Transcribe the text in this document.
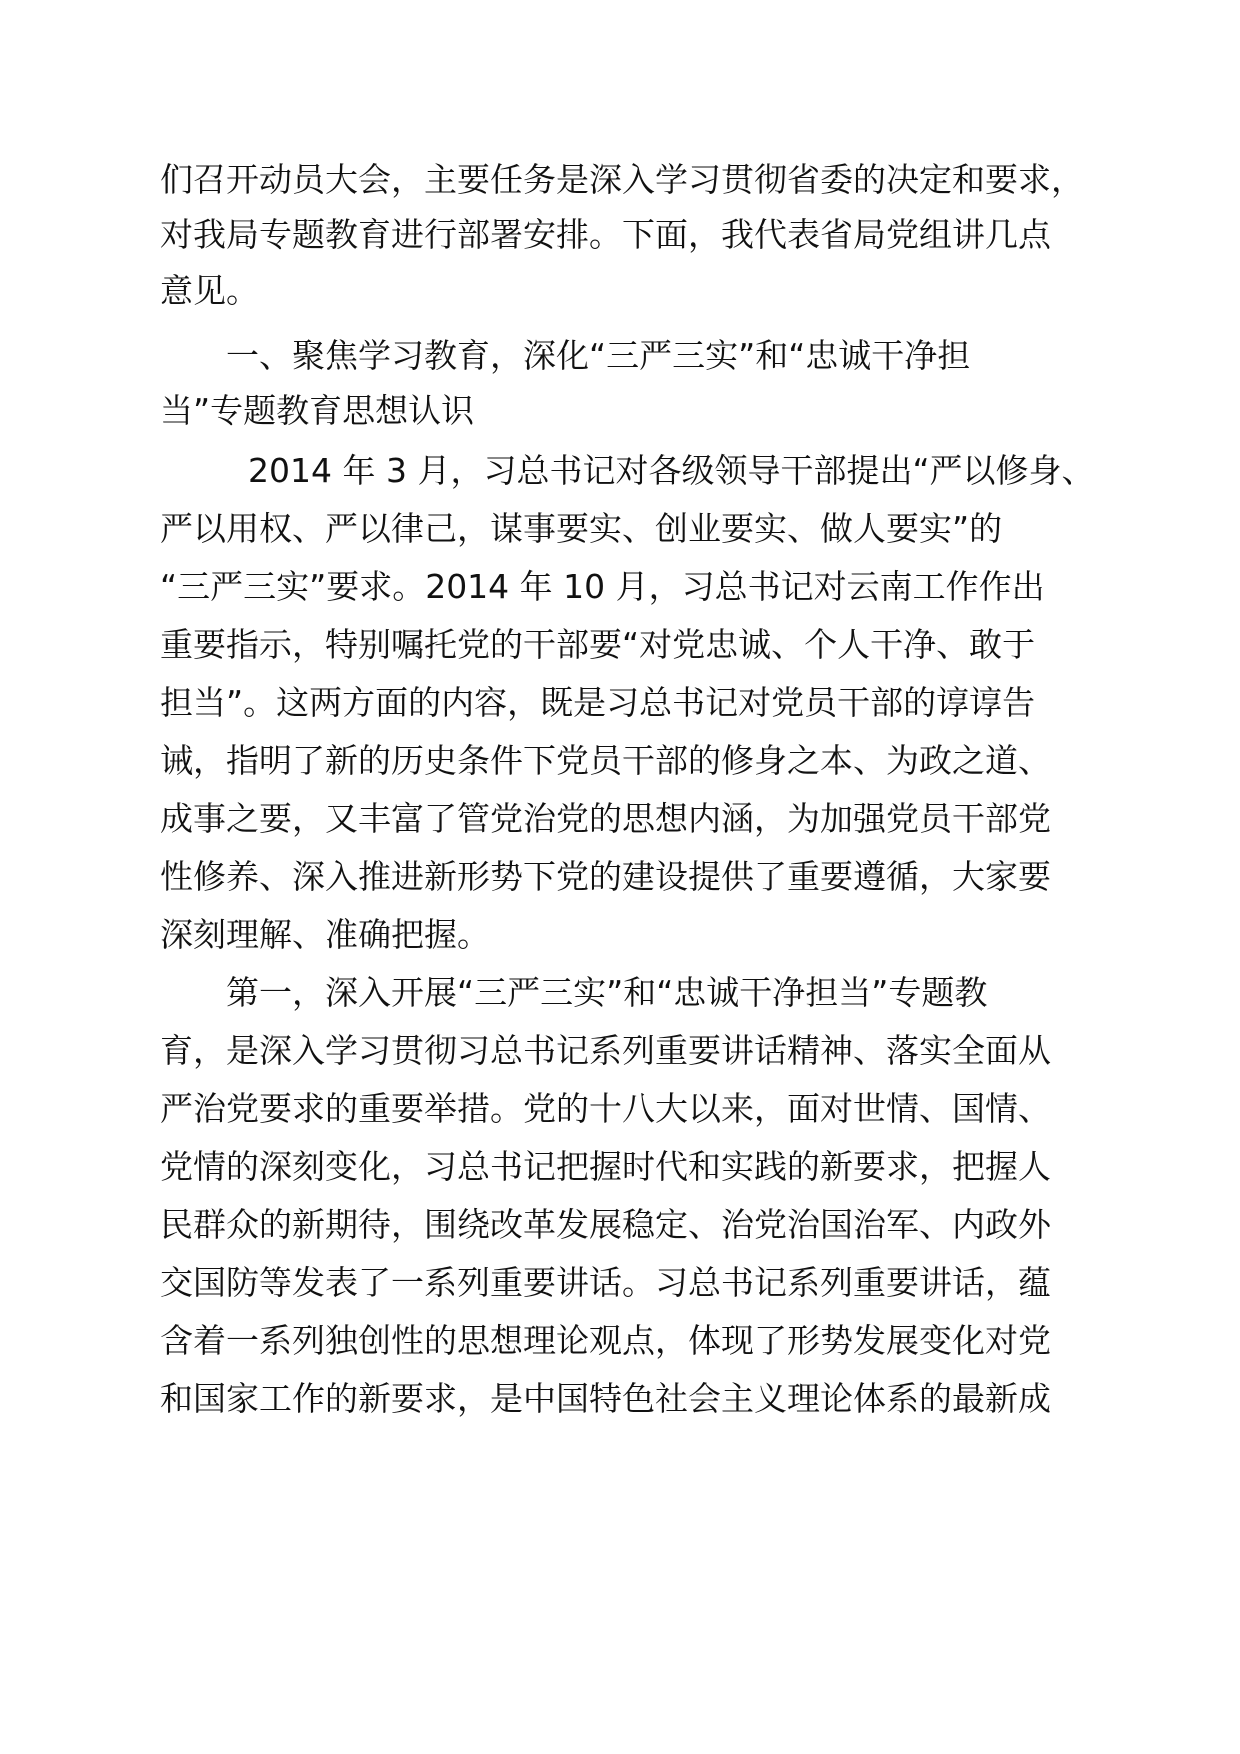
们召开动员大会，主要任务是深入学习贯彻省委的决定和要求，
对我局专题教育进行部署安排。下面，我代表省局党组讲几点
意见。
一、聚焦学习教育，深化“三严三实”和“忠诚干净担
当”专题教育思想认识
2014 年 3 月，习总书记对各级领导干部提出“严以修身、
严以用权、严以律己，谋事要实、创业要实、做人要实”的
“三严三实”要求。2014 年 10 月，习总书记对云南工作作出
重要指示，特别嘱托党的干部要“对党忠诚、个人干净、敢于
担当”。这两方面的内容，既是习总书记对党员干部的谆谆告
诫，指明了新的历史条件下党员干部的修身之本、为政之道、
成事之要，又丰富了管党治党的思想内涵，为加强党员干部党
性修养、深入推进新形势下党的建设提供了重要遵循，大家要
深刻理解、准确把握。
第一，深入开展“三严三实”和“忠诚干净担当”专题教
育，是深入学习贯彻习总书记系列重要讲话精神、落实全面从
严治党要求的重要举措。党的十八大以来，面对世情、国情、
党情的深刻变化，习总书记把握时代和实践的新要求，把握人
民群众的新期待，围绕改革发展稳定、治党治国治军、内政外
交国防等发表了一系列重要讲话。习总书记系列重要讲话，蕴
含着一系列独创性的思想理论观点，体现了形势发展变化对党
和国家工作的新要求，是中国特色社会主义理论体系的最新成
